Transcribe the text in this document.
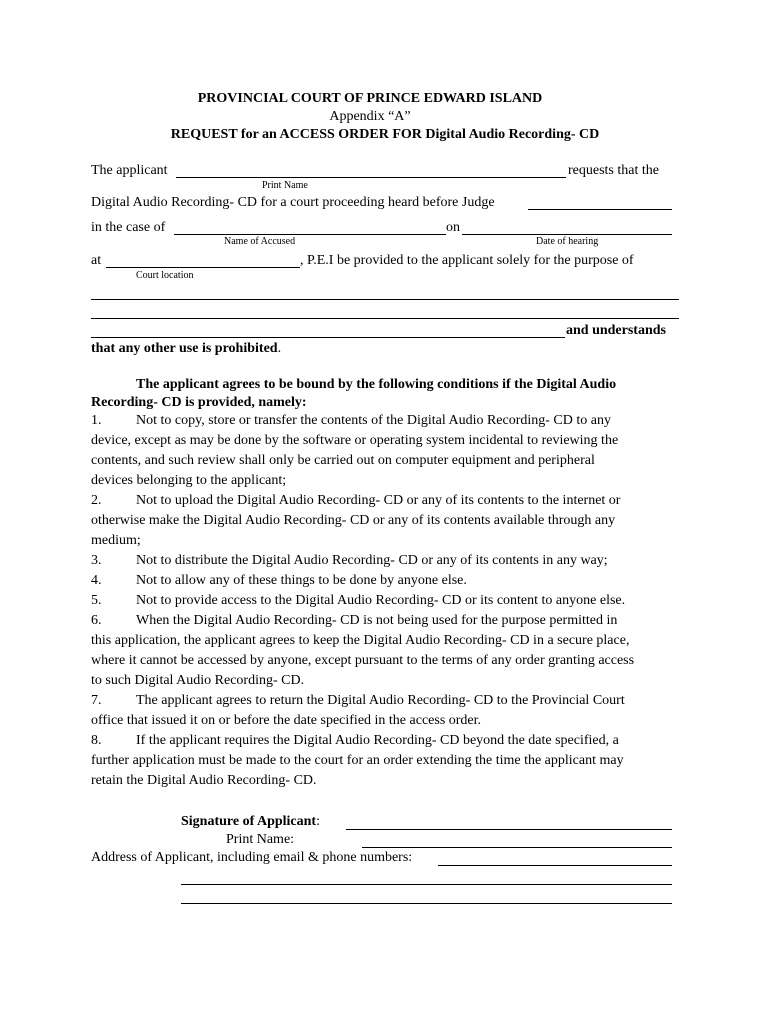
PROVINCIAL COURT OF PRINCE EDWARD ISLAND
Appendix “A”
REQUEST for an ACCESS ORDER FOR Digital Audio Recording- CD
The applicant	requests that the
Print Name
Digital Audio Recording- CD for a court proceeding heard before Judge
in the case of	on
Name of Accused	Date of hearing
at	, P.E.I be provided to the applicant solely for the purpose of
Court location
and understands
that any other use is prohibited.
The applicant agrees to be bound by the following conditions if the Digital Audio
Recording- CD is provided, namely:
1. Not to copy, store or transfer the contents of the Digital Audio Recording- CD to any
device, except as may be done by the software or operating system incidental to reviewing the
contents, and such review shall only be carried out on computer equipment and peripheral
devices belonging to the applicant;
2. Not to upload the Digital Audio Recording- CD or any of its contents to the internet or
otherwise make the Digital Audio Recording- CD or any of its contents available through any
medium;
3. Not to distribute the Digital Audio Recording- CD or any of its contents in any way;
4. Not to allow any of these things to be done by anyone else.
5. Not to provide access to the Digital Audio Recording- CD or its content to anyone else.
6. When the Digital Audio Recording- CD is not being used for the purpose permitted in
this application, the applicant agrees to keep the Digital Audio Recording- CD in a secure place,
where it cannot be accessed by anyone, except pursuant to the terms of any order granting access
to such Digital Audio Recording- CD.
7. The applicant agrees to return the Digital Audio Recording- CD to the Provincial Court
office that issued it on or before the date specified in the access order.
8. If the applicant requires the Digital Audio Recording- CD beyond the date specified, a
further application must be made to the court for an order extending the time the applicant may
retain the Digital Audio Recording- CD.
Signature of Applicant:
Print Name:
Address of Applicant, including email & phone numbers:
